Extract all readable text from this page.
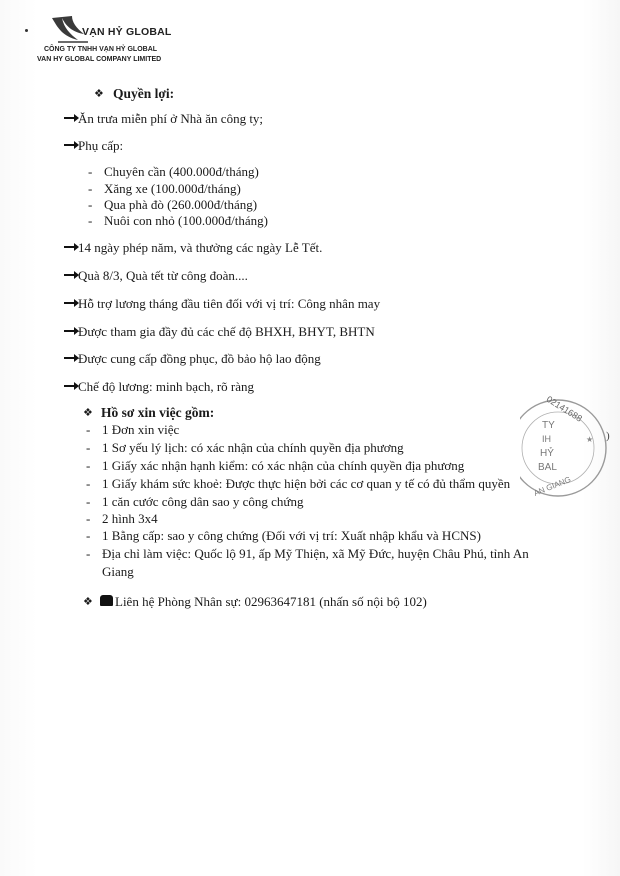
VẠN HỶ GLOBAL
CÔNG TY TNHH VẠN HỶ GLOBAL
VAN HY GLOBAL COMPANY LIMITED
❖ Quyền lợi:
Ăn trưa miễn phí ở Nhà ăn công ty;
Phụ cấp:
- Chuyên cần (400.000đ/tháng)
- Xăng xe (100.000đ/tháng)
- Qua phà đò (260.000đ/tháng)
- Nuôi con nhỏ (100.000đ/tháng)
14 ngày phép năm, và thưởng các ngày Lễ Tết.
Quà 8/3, Quà tết từ công đoàn....
Hỗ trợ lương tháng đầu tiên đối với vị trí: Công nhân may
Được tham gia đầy đủ các chế độ BHXH, BHYT, BHTN
Được cung cấp đồng phục, đồ bảo hộ lao động
Chế độ lương: minh bạch, rõ ràng
❖ Hồ sơ xin việc gồm:
- 1 Đơn xin việc
- 1 Sơ yếu lý lịch: có xác nhận của chính quyền địa phương
- 1 Giấy xác nhận hạnh kiểm: có xác nhận của chính quyền địa phương
- 1 Giấy khám sức khoẻ: Được thực hiện bởi các cơ quan y tế có đủ thẩm quyền
- 1 căn cước công dân sao y công chứng
- 2 hình 3x4
- 1 Bằng cấp: sao y công chứng (Đối với vị trí: Xuất nhập khẩu và HCNS)
- Địa chỉ làm việc: Quốc lộ 91, ấp Mỹ Thiện, xã Mỹ Đức, huyện Châu Phú, tỉnh An
Giang
❖	Liên hệ Phòng Nhân sự: 02963647181 (nhấn số nội bộ 102)
02141688
TY
IH
HỶ
BAL
AN GIANG
★ )
